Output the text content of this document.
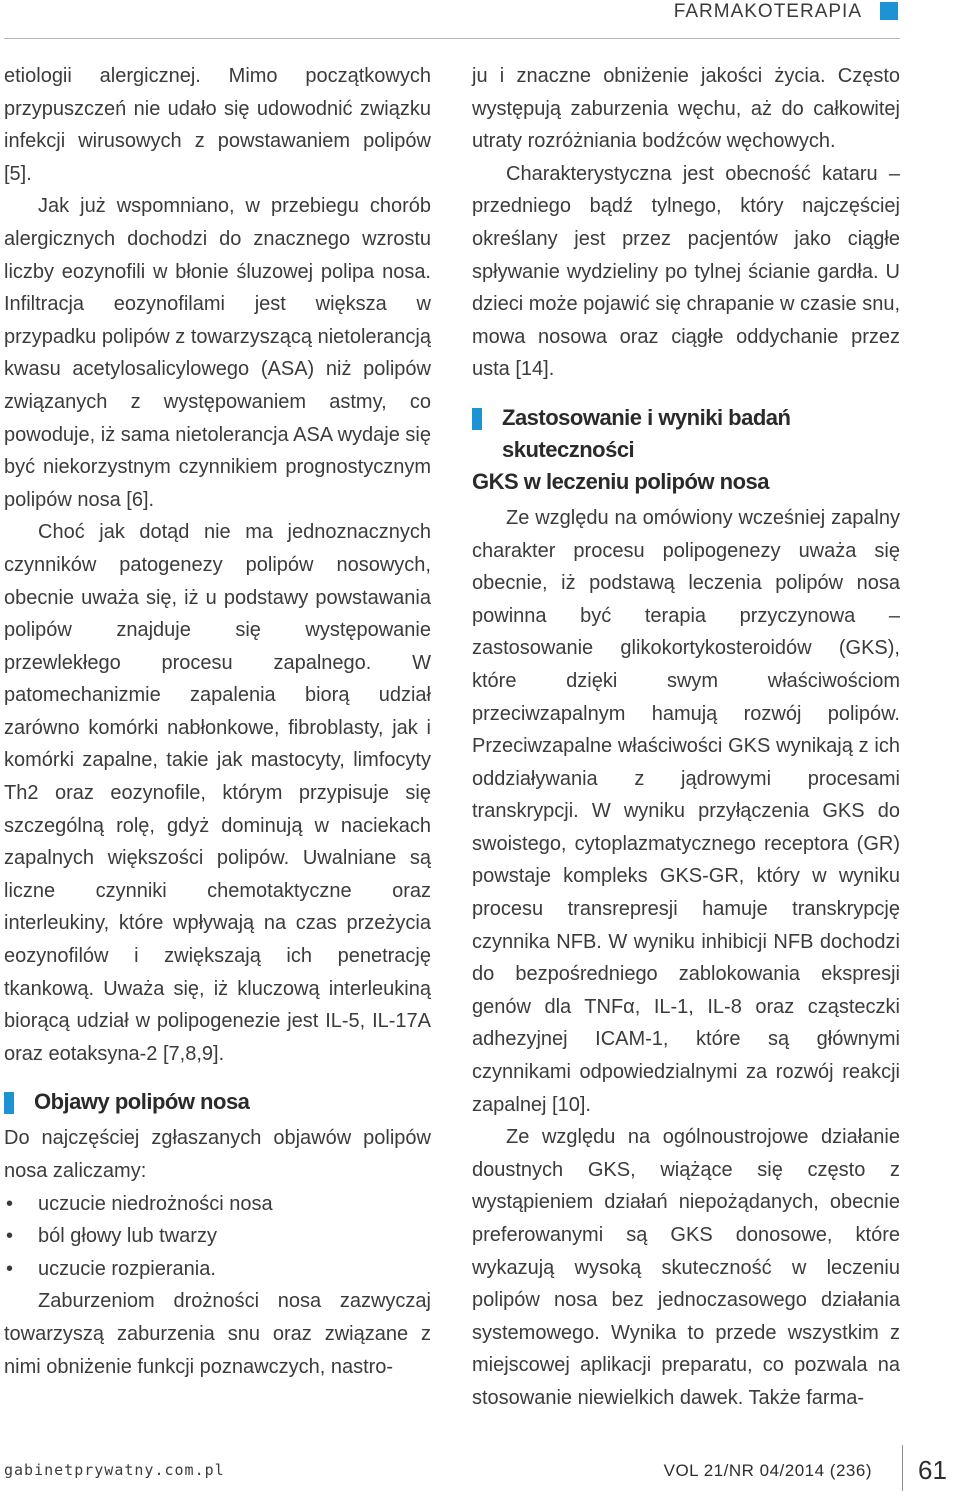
FARMAKOTERAPIA

etiologii alergicznej. Mimo początkowych przypuszczeń nie udało się udowodnić związku infekcji wirusowych z powstawaniem polipów [5].

Jak już wspomniano, w przebiegu chorób alergicznych dochodzi do znacznego wzrostu liczby eozynofili w błonie śluzowej polipa nosa. Infiltracja eozynofilami jest większa w przypadku polipów z towarzyszącą nietolerancją kwasu acetylosalicylowego (ASA) niż polipów związanych z występowaniem astmy, co powoduje, iż sama nietolerancja ASA wydaje się być niekorzystnym czynnikiem prognostycznym polipów nosa [6].

Choć jak dotąd nie ma jednoznacznych czynników patogenezy polipów nosowych, obecnie uważa się, iż u podstawy powstawania polipów znajduje się występowanie przewlekłego procesu zapalnego. W patomechanizmie zapalenia biorą udział zarówno komórki nabłonkowe, fibroblasty, jak i komórki zapalne, takie jak mastocyty, limfocyty Th2 oraz eozynofile, którym przypisuje się szczególną rolę, gdyż dominują w naciekach zapalnych większości polipów. Uwalniane są liczne czynniki chemotaktyczne oraz interleukiny, które wpływają na czas przeżycia eozynofilów i zwiększają ich penetrację tkankową. Uważa się, iż kluczową interleukiną biorącą udział w polipogenezie jest IL-5, IL-17A oraz eotaksyna-2 [7,8,9].

Objawy polipów nosa

Do najczęściej zgłaszanych objawów polipów nosa zaliczamy:

• uczucie niedrożności nosa
• ból głowy lub twarzy
• uczucie rozpierania.

Zaburzeniom drożności nosa zazwyczaj towarzyszą zaburzenia snu oraz związane z nimi obniżenie funkcji poznawczych, nastro-

ju i znaczne obniżenie jakości życia. Często występują zaburzenia węchu, aż do całkowitej utraty rozróżniania bodźców węchowych.

Charakterystyczna jest obecność kataru – przedniego bądź tylnego, który najczęściej określany jest przez pacjentów jako ciągłe spływanie wydzieliny po tylnej ścianie gardła. U dzieci może pojawić się chrapanie w czasie snu, mowa nosowa oraz ciągłe oddychanie przez usta [14].

Zastosowanie i wyniki badań skuteczności
GKS w leczeniu polipów nosa

Ze względu na omówiony wcześniej zapalny charakter procesu polipogenezy uważa się obecnie, iż podstawą leczenia polipów nosa powinna być terapia przyczynowa – zastosowanie glikokortykosteroidów (GKS), które dzięki swym właściwościom przeciwzapalnym hamują rozwój polipów. Przeciwzapalne właściwości GKS wynikają z ich oddziaływania z jądrowymi procesami transkrypcji. W wyniku przyłączenia GKS do swoistego, cytoplazmatycznego receptora (GR) powstaje kompleks GKS-GR, który w wyniku procesu transrepresji hamuje transkrypcję czynnika NFB. W wyniku inhibicji NFB dochodzi do bezpośredniego zablokowania ekspresji genów dla TNFα, IL-1, IL-8 oraz cząsteczki adhezyjnej ICAM-1, które są głównymi czynnikami odpowiedzialnymi za rozwój reakcji zapalnej [10].

Ze względu na ogólnoustrojowe działanie doustnych GKS, wiążące się często z wystąpieniem działań niepożądanych, obecnie preferowanymi są GKS donosowe, które wykazują wysoką skuteczność w leczeniu polipów nosa bez jednoczasowego działania systemowego. Wynika to przede wszystkim z miejscowej aplikacji preparatu, co pozwala na stosowanie niewielkich dawek. Także farma-

gabinetprywatny.com.pl	VOL 21/NR 04/2014 (236) 61
